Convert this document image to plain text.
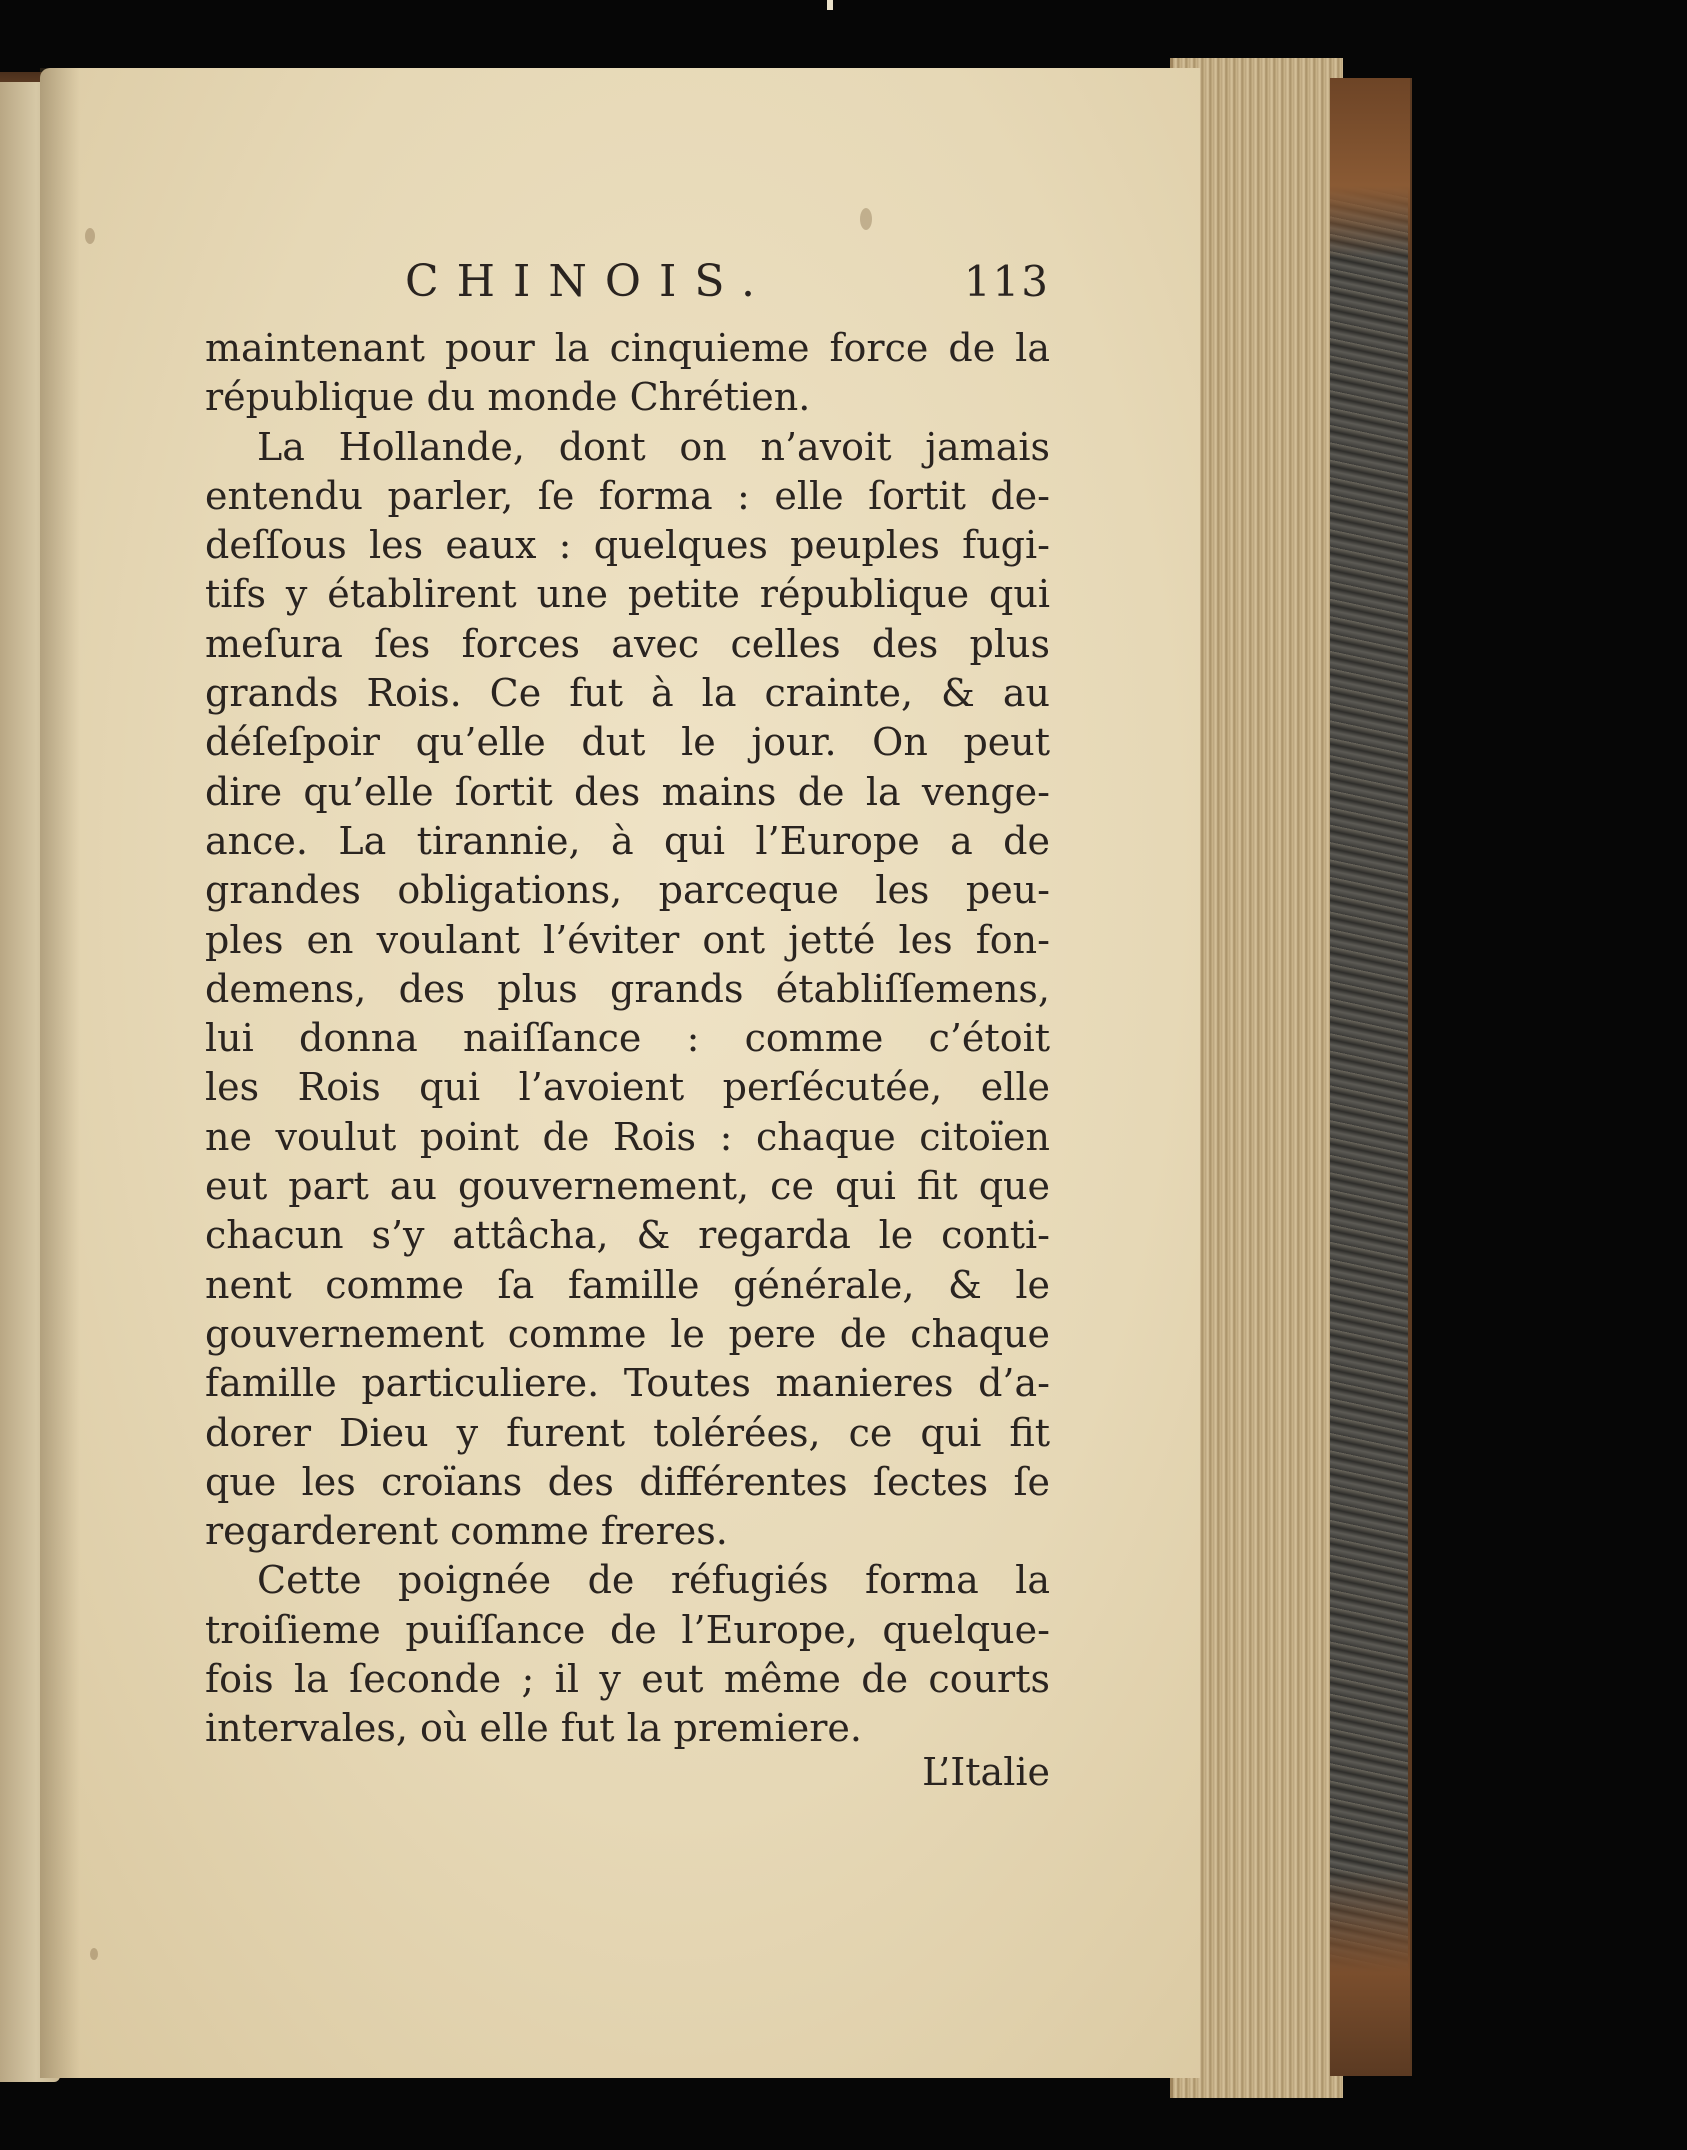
CHINOIS.	113
maintenant pour la cinquieme force de la
république du monde Chrétien.
La Hollande, dont on n’avoit jamais
entendu parler, ſe forma : elle ſortit de-
deſſous les eaux : quelques peuples fugi-
tifs y établirent une petite république qui
meſura ſes forces avec celles des plus
grands Rois. Ce fut à la crainte, & au
déſeſpoir qu’elle dut le jour. On peut
dire qu’elle ſortit des mains de la venge-
ance. La tirannie, à qui l’Europe a de
grandes obligations, parceque les peu-
ples en voulant l’éviter ont jetté les fon-
demens, des plus grands établiſſemens,
lui donna naiſſance : comme c’étoit
les Rois qui l’avoient perſécutée, elle
ne voulut point de Rois : chaque citoïen
eut part au gouvernement, ce qui fit que
chacun s’y attâcha, & regarda le conti-
nent comme ſa famille générale, & le
gouvernement comme le pere de chaque
famille particuliere. Toutes manieres d’a-
dorer Dieu y furent tolérées, ce qui fit
que les croïans des différentes ſectes ſe
regarderent comme freres.
Cette poignée de réfugiés forma la
troiſieme puiſſance de l’Europe, quelque-
fois la ſeconde ; il y eut même de courts
intervales, où elle fut la premiere.
L’Italie
